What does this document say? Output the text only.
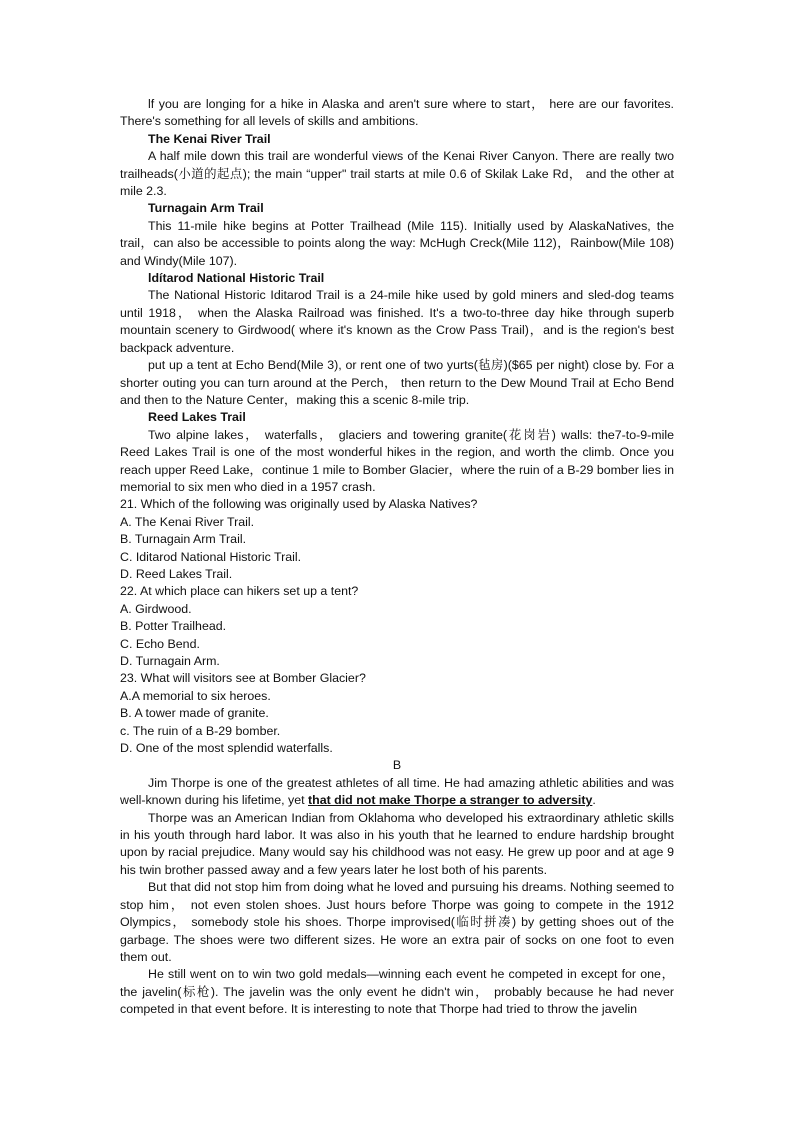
lf you are longing for a hike in Alaska and aren't sure where to start， here are our favorites. There's something for all levels of skills and ambitions.

The Kenai River Trail

A half mile down this trail are wonderful views of the Kenai River Canyon. There are really two trailheads(小道的起点); the main “upper" trail starts at mile 0.6 of Skilak Lake Rd， and the other at mile 2.3.

Turnagain Arm Trail

This 11-mile hike begins at Potter Trailhead (Mile 115). Initially used by AlaskaNatives, the trail，can also be accessible to points along the way: McHugh Creck(Mile 112)，Rainbow(Mile 108) and Windy(Mile 107).

ldítarod National Historic Trail

The National Historic Iditarod Trail is a 24-mile hike used by gold miners and sled-dog teams until 1918， when the Alaska Railroad was finished. It's a two-to-three day hike through superb mountain scenery to Girdwood( where it's known as the Crow Pass Trail)，and is the region's best backpack adventure.

put up a tent at Echo Bend(Mile 3), or rent one of two yurts(毡房)($65 per night) close by. For a shorter outing you can turn around at the Perch， then return to the Dew Mound Trail at Echo Bend and then to the Nature Center，making this a scenic 8-mile trip.

Reed Lakes Trail

Two alpine lakes， waterfalls， glaciers and towering granite(花岗岩) walls: the7-to-9-mile Reed Lakes Trail is one of the most wonderful hikes in the region, and worth the climb. Once you reach upper Reed Lake，continue 1 mile to Bomber Glacier，where the ruin of a B-29 bomber lies in memorial to six men who died in a 1957 crash.

21. Which of the following was originally used by Alaska Natives?

A. The Kenai River Trail.

B. Turnagain Arm Trail.

C. Iditarod National Historic Trail.

D. Reed Lakes Trail.

22. At which place can hikers set up a tent?

A. Girdwood.

B. Potter Trailhead.

C. Echo Bend.

D. Turnagain Arm.

23. What will visitors see at Bomber Glacier?

A.A memorial to six heroes.

B. A tower made of granite.

c. The ruin of a B-29 bomber.

D. One of the most splendid waterfalls.

B

Jim Thorpe is one of the greatest athletes of all time. He had amazing athletic abilities and was well-known during his lifetime, yet that did not make Thorpe a stranger to adversity.

Thorpe was an American Indian from Oklahoma who developed his extraordinary athletic skills in his youth through hard labor. It was also in his youth that he learned to endure hardship brought upon by racial prejudice. Many would say his childhood was not easy. He grew up poor and at age 9 his twin brother passed away and a few years later he lost both of his parents.

But that did not stop him from doing what he loved and pursuing his dreams. Nothing seemed to stop him， not even stolen shoes. Just hours before Thorpe was going to compete in the 1912 Olympics， somebody stole his shoes. Thorpe improvised(临时拼凑) by getting shoes out of the garbage. The shoes were two different sizes. He wore an extra pair of socks on one foot to even them out.

He still went on to win two gold medals—winning each event he competed in except for one，the javelin(标枪). The javelin was the only event he didn't win， probably because he had never competed in that event before. It is interesting to note that Thorpe had tried to throw the javelin
